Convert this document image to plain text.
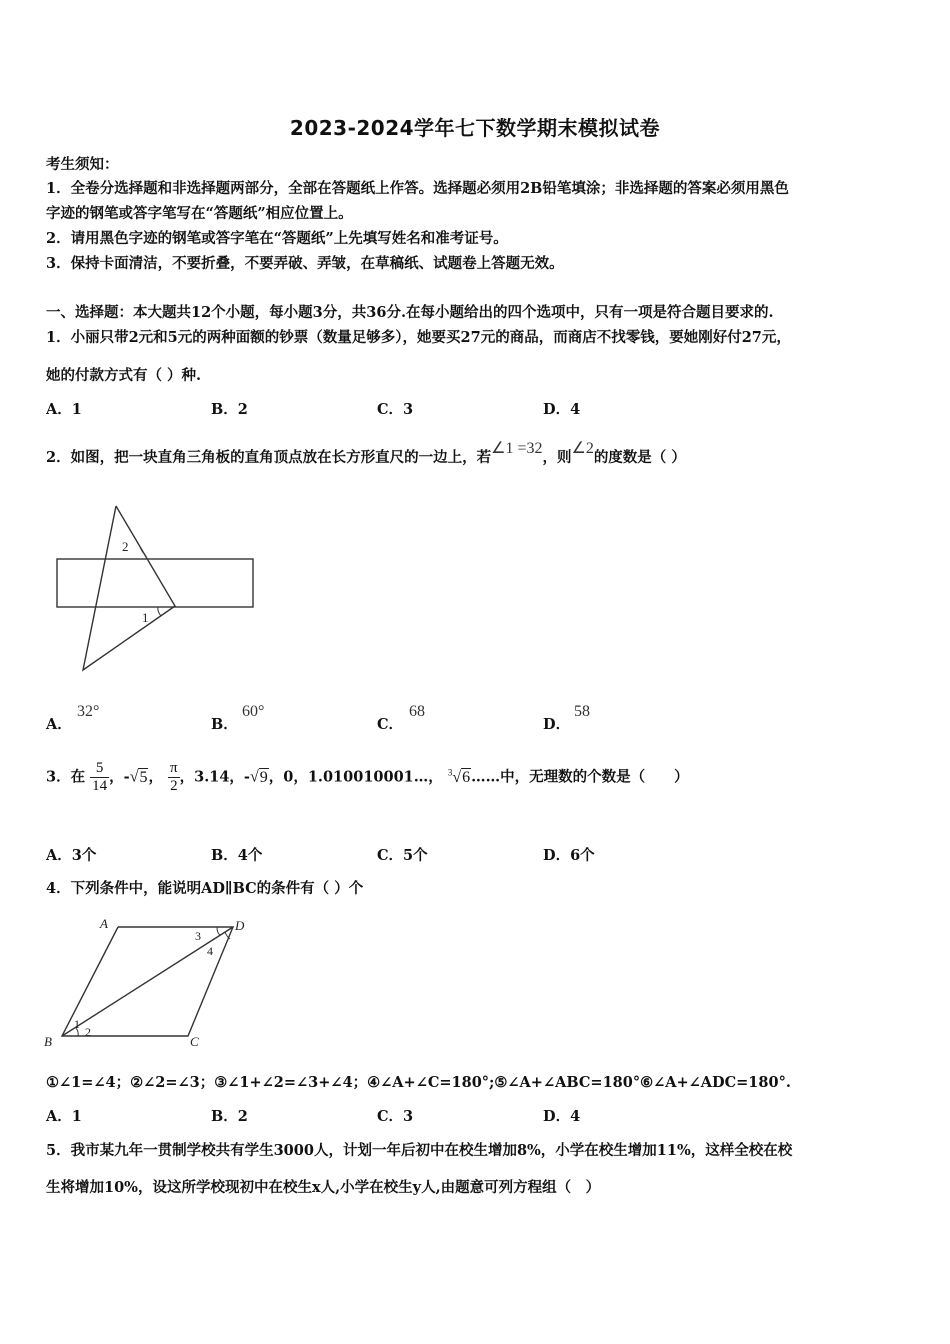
2023-2024学年七下数学期末模拟试卷
考生须知：
1．全卷分选择题和非选择题两部分，全部在答题纸上作答。选择题必须用2B铅笔填涂；非选择题的答案必须用黑色
字迹的钢笔或答字笔写在“答题纸”相应位置上。
2．请用黑色字迹的钢笔或答字笔在“答题纸”上先填写姓名和准考证号。
3．保持卡面清洁，不要折叠，不要弄破、弄皱，在草稿纸、试题卷上答题无效。
一、选择题：本大题共12个小题，每小题3分，共36分.在每小题给出的四个选项中，只有一项是符合题目要求的.
1．小丽只带2元和5元的两种面额的钞票（数量足够多），她要买27元的商品，而商店不找零钱，要她刚好付27元，
她的付款方式有（ ）种.
A．1	B．2	C．3	D．4
2．如图，把一块直角三角板的直角顶点放在长方形直尺的一边上，若∠1 =32，则∠2的度数是（ ）
2
1
A．
32°
B．
60°
C．
68
D．
58
3．在 $\frac{5}{14}$ ，-√5， $\frac{\pi}{2}$ ，3.14，-√9，0，1.010010001…， $^3$√6……中，无理数的个数是（　　）
A．3个	B．4个	C．5个	D．6个
4．下列条件中，能说明AD∥BC的条件有（ ）个
A	D
B	C
1
2
3
4
①∠1=∠4；②∠2=∠3；③∠1+∠2=∠3+∠4；④∠A+∠C=180°;⑤∠A+∠ABC=180°⑥∠A+∠ADC=180°.
A．1	B．2	C．3	D．4
5．我市某九年一贯制学校共有学生3000人，计划一年后初中在校生增加8%，小学在校生增加11%，这样全校在校
生将增加10%，设这所学校现初中在校生x人,小学在校生y人,由题意可列方程组（　）
